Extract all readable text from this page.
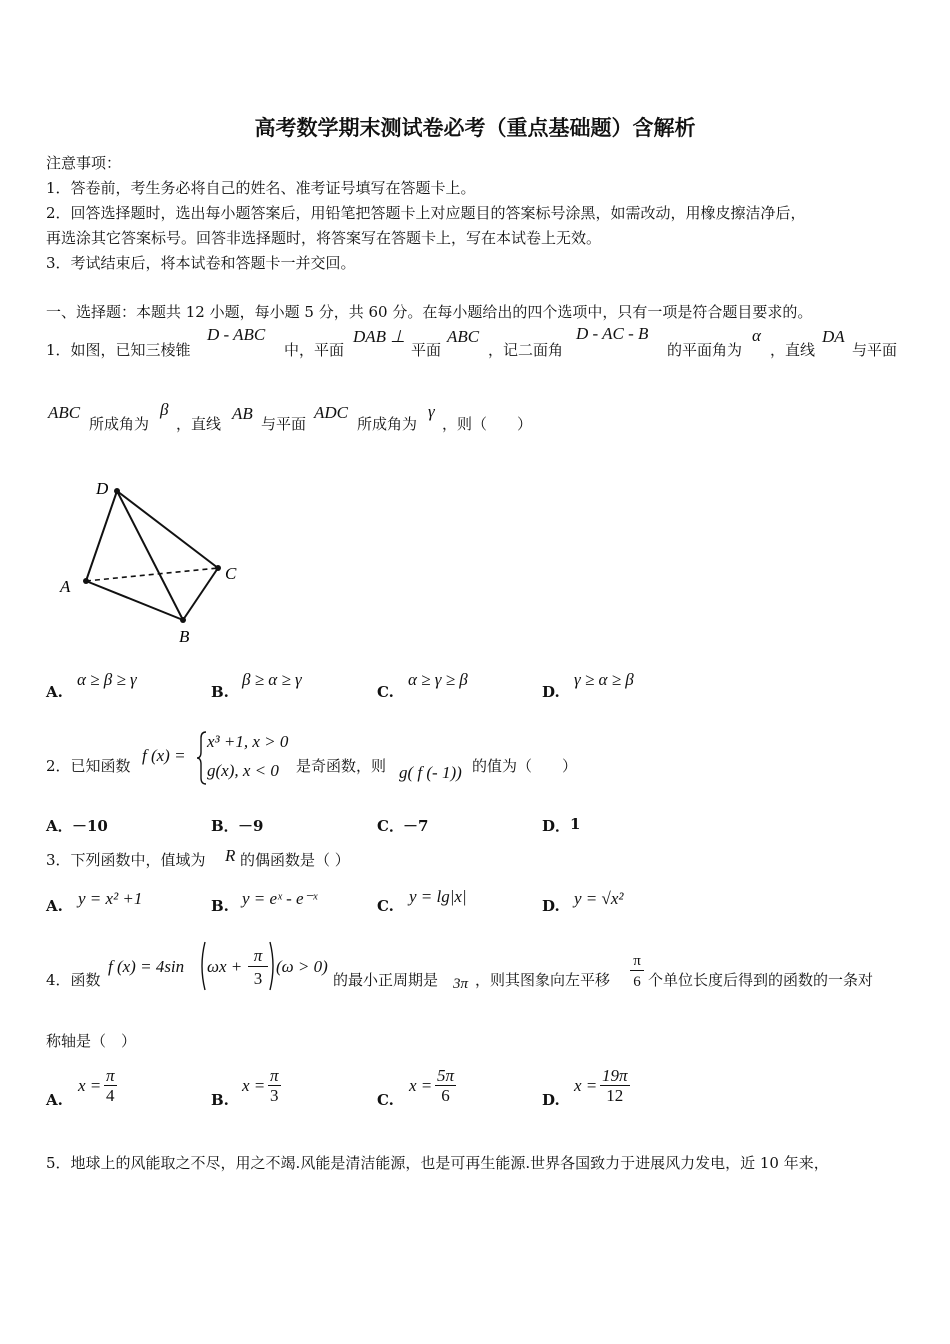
高考数学期末测试卷必考（重点基础题）含解析
注意事项：
1．答卷前，考生务必将自己的姓名、准考证号填写在答题卡上。
2．回答选择题时，选出每小题答案后，用铅笔把答题卡上对应题目的答案标号涂黑，如需改动，用橡皮擦洁净后，
再选涂其它答案标号。回答非选择题时，将答案写在答题卡上，写在本试卷上无效。
3．考试结束后，将本试卷和答题卡一并交回。
一、选择题：本题共 12 小题，每小题 5 分，共 60 分。在每小题给出的四个选项中，只有一项是符合题目要求的。
1．如图，已知三棱锥
D - ABC
中，平面
DAB ⊥
平面
ABC
，记二面角
D - AC - B
的平面角为
α
，直线
DA
与平面
ABC
所成角为
β
，直线
AB
与平面
ADC
所成角为
γ
，则（　　）
D
A
B
C
A.
α ≥ β ≥ γ
B.
β ≥ α ≥ γ
C.
α ≥ γ ≥ β
D.
γ ≥ α ≥ β
2．已知函数
f (x) =
x³ +1, x > 0
g(x), x < 0 是奇函数，则 g( f (- 1)) 的值为（　　）
A． －10	B． －9	C． －7	D． 1
3．下列函数中，值域为 R 的偶函数是（ ）
A. y = x² +1	B. y = eˣ - e⁻ˣ	C. y = lg|x|	D. y = √x²
4．函数
f (x) = 4sin ωx +
π
3
(ω > 0)
的最小正周期是 3π ，则其图象向左平移
π
6 个单位长度后得到的函数的一条对
称轴是（　）
A.
$x = \frac{\pi}{4}$	B.
$x = \frac{\pi}{3}$	C.
$x = \frac{5\pi}{6}$	D.
$x = \frac{19\pi}{12}$
5．地球上的风能取之不尽，用之不竭.风能是清洁能源，也是可再生能源.世界各国致力于进展风力发电，近 10 年来，
